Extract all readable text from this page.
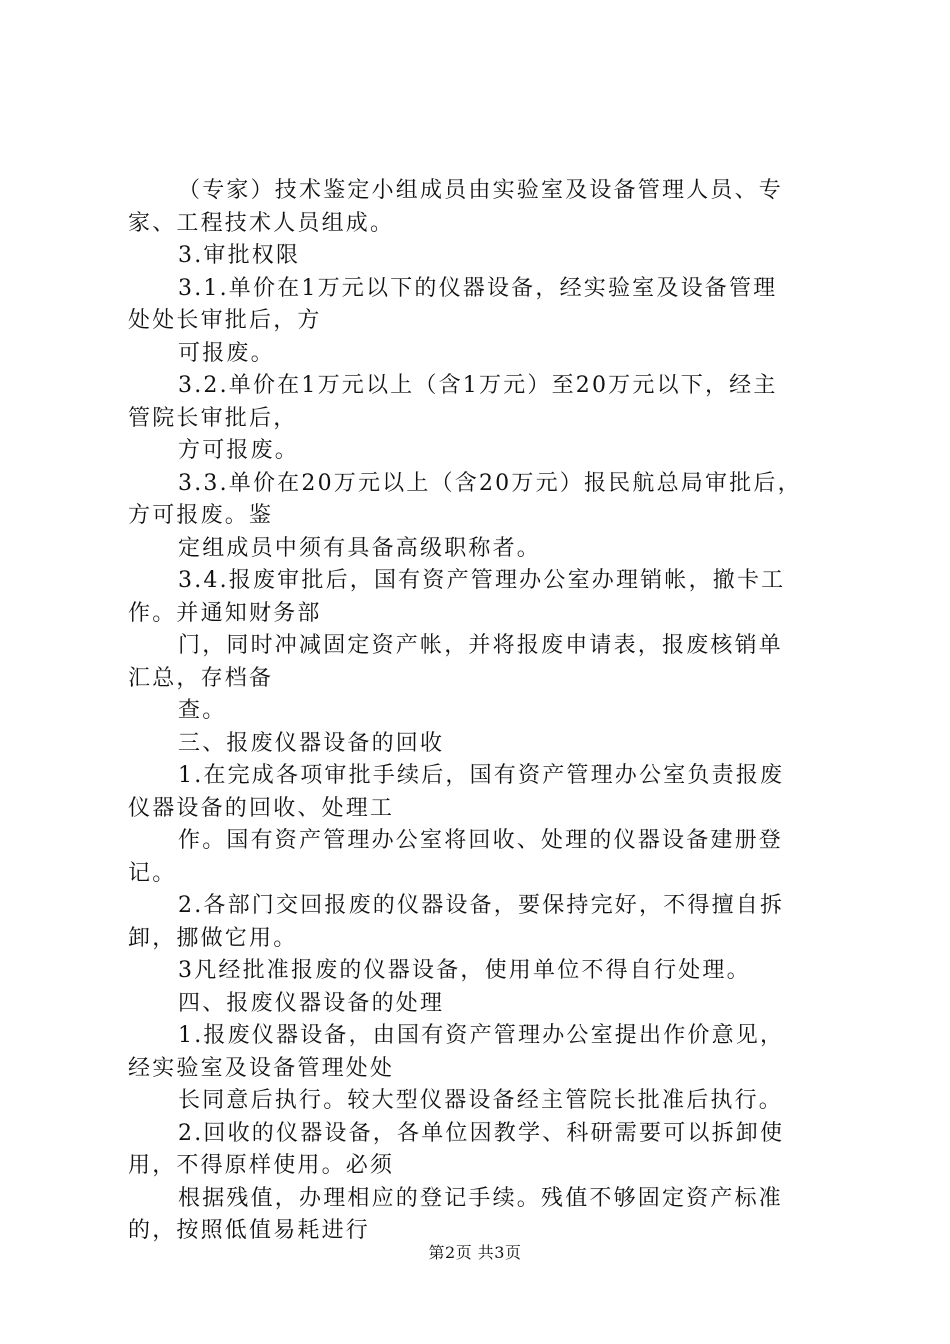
（专家）技术鉴定小组成员由实验室及设备管理人员、专
家、工程技术人员组成。
3.审批权限
3.1.单价在1万元以下的仪器设备，经实验室及设备管理
处处长审批后，方
可报废。
3.2.单价在1万元以上（含1万元）至20万元以下，经主
管院长审批后，
方可报废。
3.3.单价在20万元以上（含20万元）报民航总局审批后，
方可报废。鉴
定组成员中须有具备高级职称者。
3.4.报废审批后，国有资产管理办公室办理销帐，撤卡工
作。并通知财务部
门，同时冲减固定资产帐，并将报废申请表，报废核销单
汇总，存档备
查。
三、报废仪器设备的回收
1.在完成各项审批手续后，国有资产管理办公室负责报废
仪器设备的回收、处理工
作。国有资产管理办公室将回收、处理的仪器设备建册登
记。
2.各部门交回报废的仪器设备，要保持完好，不得擅自拆
卸，挪做它用。
3凡经批准报废的仪器设备，使用单位不得自行处理。
四、报废仪器设备的处理
1.报废仪器设备，由国有资产管理办公室提出作价意见，
经实验室及设备管理处处
长同意后执行。较大型仪器设备经主管院长批准后执行。
2.回收的仪器设备，各单位因教学、科研需要可以拆卸使
用，不得原样使用。必须
根据残值，办理相应的登记手续。残值不够固定资产标准
的，按照低值易耗进行
第2页 共3页
